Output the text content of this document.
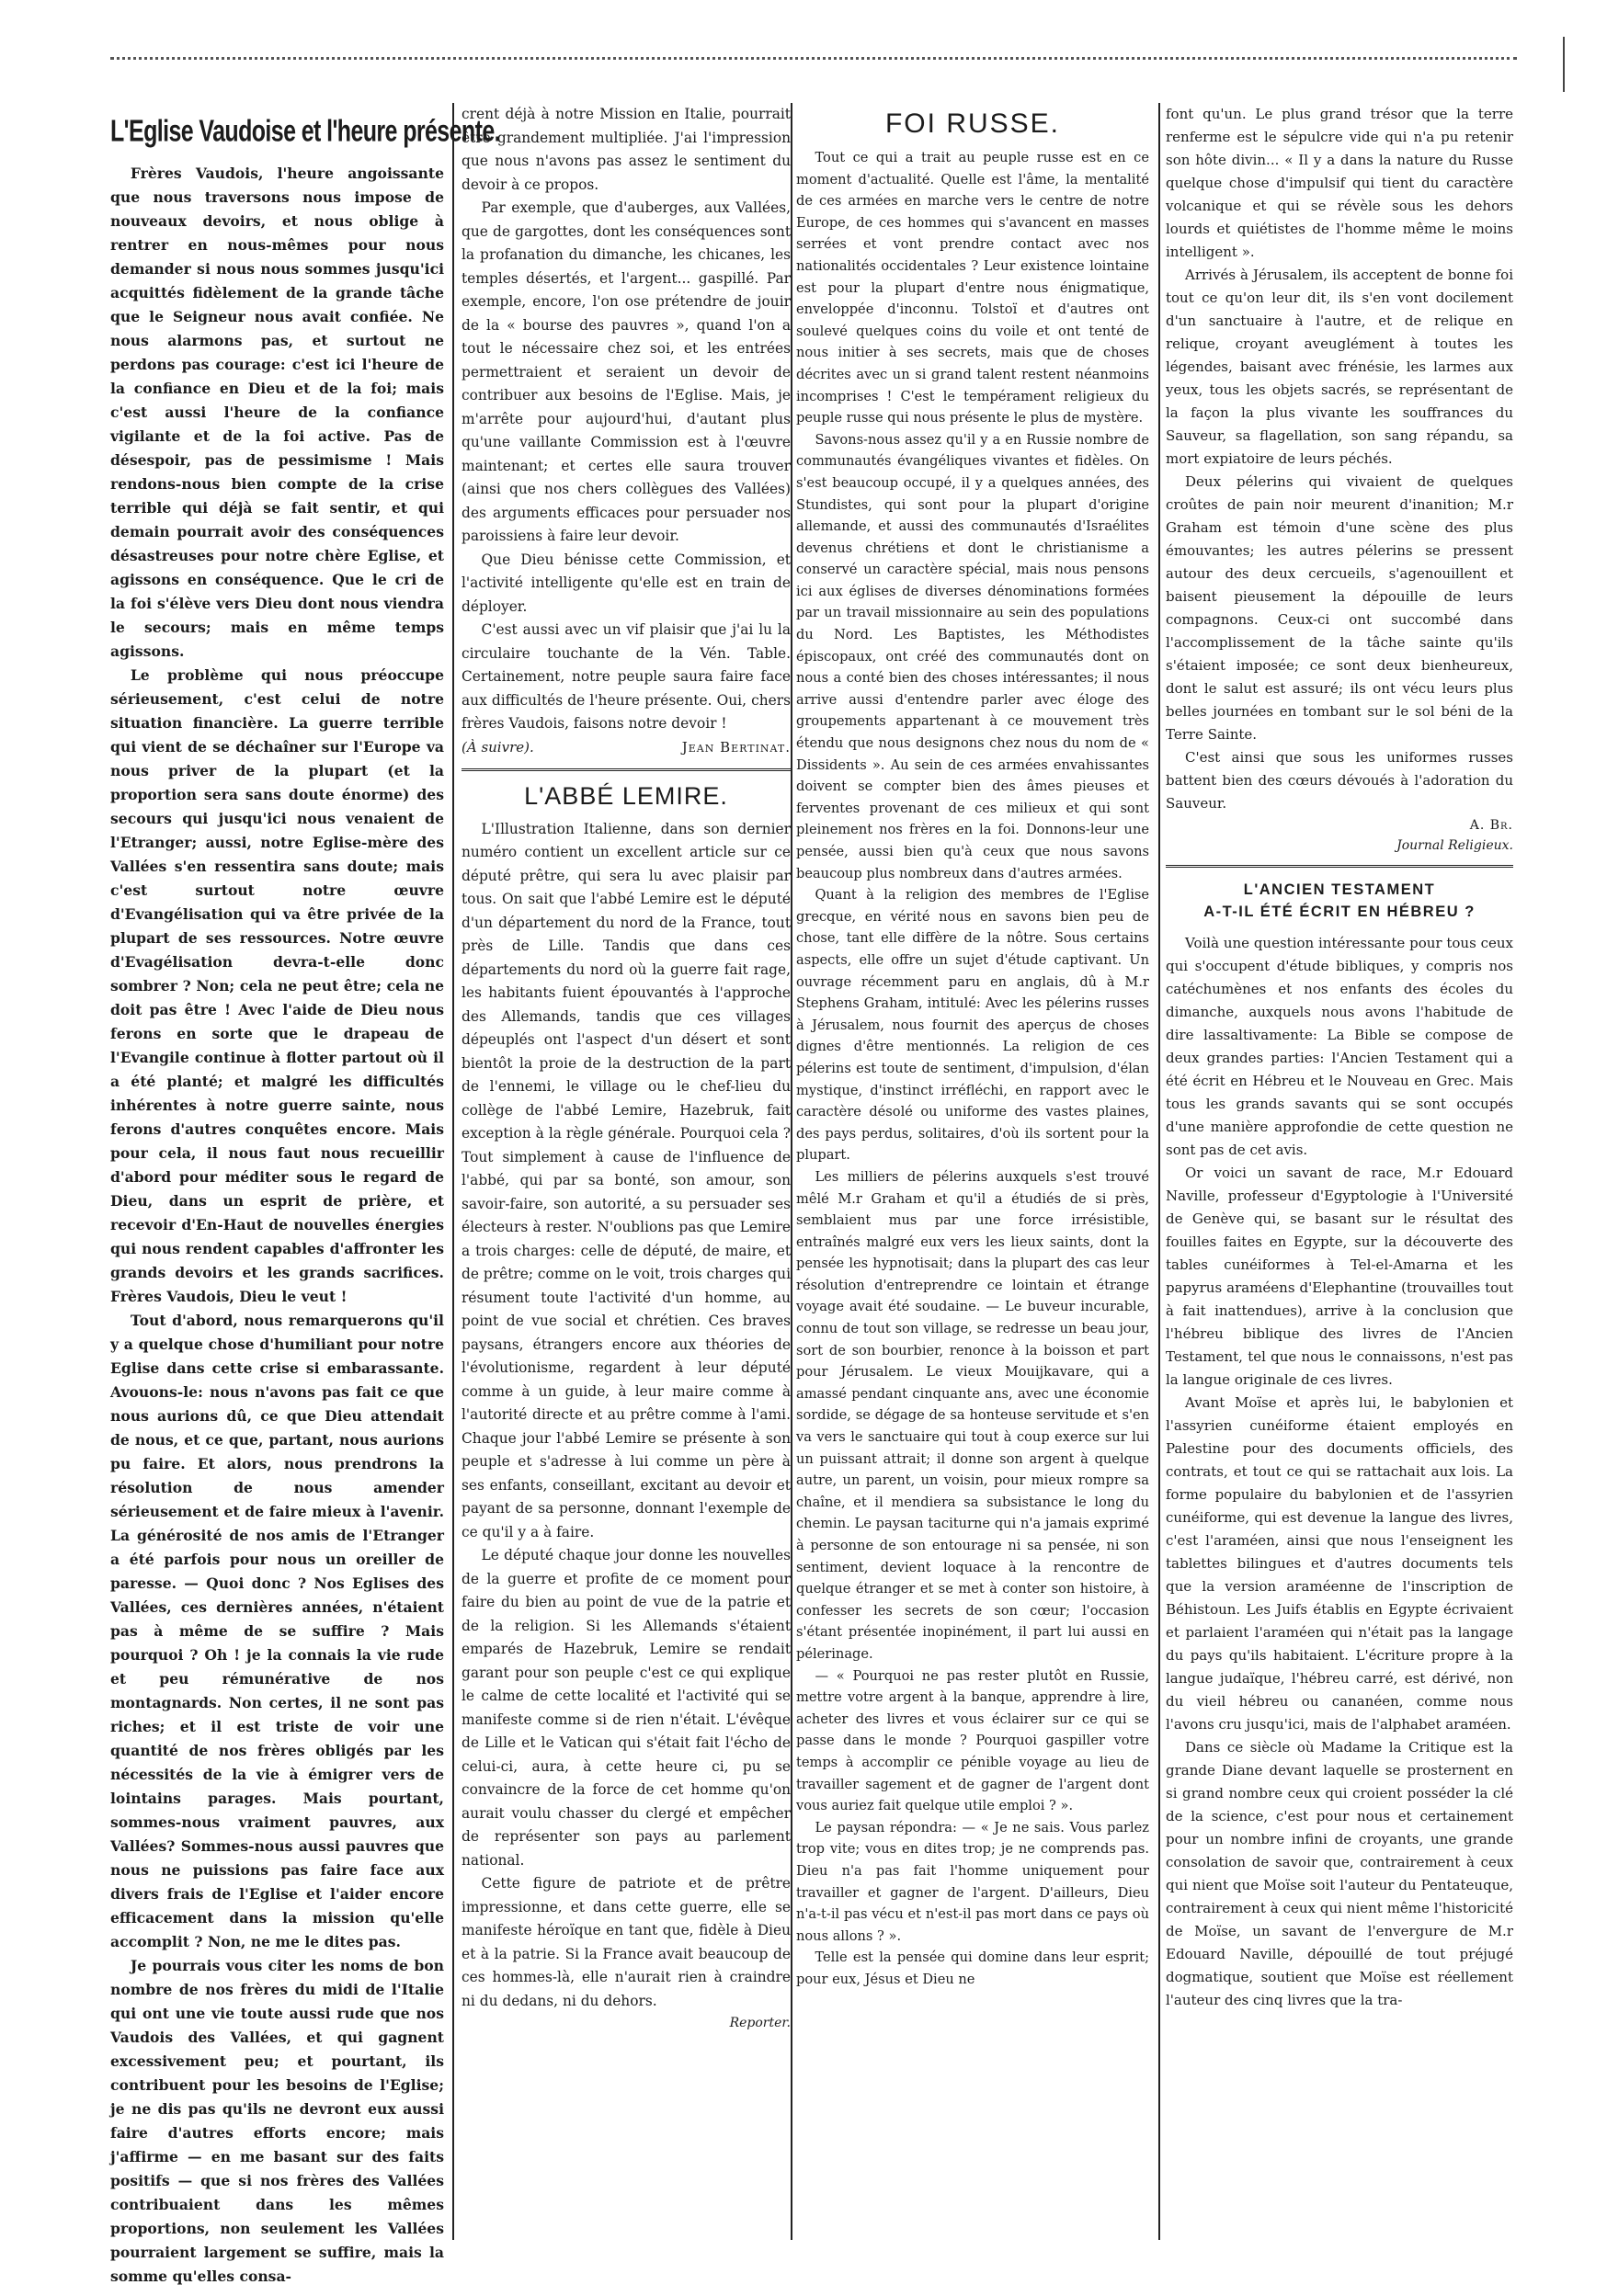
L'Eglise Vaudoise et l'heure présente.

Frères Vaudois, l'heure angoissante que nous traversons nous impose de nouveaux devoirs, et nous oblige à rentrer en nous-mêmes pour nous demander si nous nous sommes jusqu'ici acquittés fidèlement de la grande tâche que le Seigneur nous avait confiée. Ne nous alarmons pas, et surtout ne perdons pas courage: c'est ici l'heure de la confiance en Dieu et de la foi; mais c'est aussi l'heure de la confiance vigilante et de la foi active. Pas de désespoir, pas de pessimisme ! Mais rendons-nous bien compte de la crise terrible qui déjà se fait sentir, et qui demain pourrait avoir des conséquences désastreuses pour notre chère Eglise, et agissons en conséquence. Que le cri de la foi s'élève vers Dieu dont nous viendra le secours; mais en même temps agissons.

Le problème qui nous préoccupe sérieusement, c'est celui de notre situation financière. La guerre terrible qui vient de se déchaîner sur l'Europe va nous priver de la plupart (et la proportion sera sans doute énorme) des secours qui jusqu'ici nous venaient de l'Etranger; aussi, notre Eglise-mère des Vallées s'en ressentira sans doute; mais c'est surtout notre œuvre d'Evangélisation qui va être privée de la plupart de ses ressources. Notre œuvre d'Evagélisation devra-t-elle donc sombrer ? Non; cela ne peut être; cela ne doit pas être ! Avec l'aide de Dieu nous ferons en sorte que le drapeau de l'Evangile continue à flotter partout où il a été planté; et malgré les difficultés inhérentes à notre guerre sainte, nous ferons d'autres conquêtes encore. Mais pour cela, il nous faut nous recueillir d'abord pour méditer sous le regard de Dieu, dans un esprit de prière, et recevoir d'En-Haut de nouvelles énergies qui nous rendent capables d'affronter les grands devoirs et les grands sacrifices. Frères Vaudois, Dieu le veut !

Tout d'abord, nous remarquerons qu'il y a quelque chose d'humiliant pour notre Eglise dans cette crise si embarassante. Avouons-le: nous n'avons pas fait ce que nous aurions dû, ce que Dieu attendait de nous, et ce que, partant, nous aurions pu faire. Et alors, nous prendrons la résolution de nous amender sérieusement et de faire mieux à l'avenir. La générosité de nos amis de l'Etranger a été parfois pour nous un oreiller de paresse. — Quoi donc ? Nos Eglises des Vallées, ces dernières années, n'étaient pas à même de se suffire ? Mais pourquoi ? Oh ! je la connais la vie rude et peu rémunérative de nos montagnards. Non certes, il ne sont pas riches; et il est triste de voir une quantité de nos frères obligés par les nécessités de la vie à émigrer vers de lointains parages. Mais pourtant, sommes-nous vraiment pauvres, aux Vallées? Sommes-nous aussi pauvres que nous ne puissions pas faire face aux divers frais de l'Eglise et l'aider encore efficacement dans la mission qu'elle accomplit ? Non, ne me le dites pas.

Je pourrais vous citer les noms de bon nombre de nos frères du midi de l'Italie qui ont une vie toute aussi rude que nos Vaudois des Vallées, et qui gagnent excessivement peu; et pourtant, ils contribuent pour les besoins de l'Eglise; je ne dis pas qu'ils ne devront eux aussi faire d'autres efforts encore; mais j'affirme — en me basant sur des faits positifs — que si nos frères des Vallées contribuaient dans les mêmes proportions, non seulement les Vallées pourraient largement se suffire, mais la somme qu'elles consa-

crent déjà à notre Mission en Italie, pourrait être grandement multipliée. J'ai l'impression que nous n'avons pas assez le sentiment du devoir à ce propos.

Par exemple, que d'auberges, aux Vallées, que de gargottes, dont les conséquences sont la profanation du dimanche, les chicanes, les temples désertés, et l'argent... gaspillé. Par exemple, encore, l'on ose prétendre de jouir de la « bourse des pauvres », quand l'on a tout le nécessaire chez soi, et les entrées permettraient et seraient un devoir de contribuer aux besoins de l'Eglise. Mais, je m'arrête pour aujourd'hui, d'autant plus qu'une vaillante Commission est à l'œuvre maintenant; et certes elle saura trouver (ainsi que nos chers collègues des Vallées) des arguments efficaces pour persuader nos paroissiens à faire leur devoir.

Que Dieu bénisse cette Commission, et l'activité intelligente qu'elle est en train de déployer.

C'est aussi avec un vif plaisir que j'ai lu la circulaire touchante de la Vén. Table. Certainement, notre peuple saura faire face aux difficultés de l'heure présente. Oui, chers frères Vaudois, faisons notre devoir !

(À suivre).	Jean Bertinat.
L'ABBÉ LEMIRE.

L'Illustration Italienne, dans son dernier numéro contient un excellent article sur ce député prêtre, qui sera lu avec plaisir par tous. On sait que l'abbé Lemire est le député d'un département du nord de la France, tout près de Lille. Tandis que dans ces départements du nord où la guerre fait rage, les habitants fuient épouvantés à l'approche des Allemands, tandis que ces villages dépeuplés ont l'aspect d'un désert et sont bientôt la proie de la destruction de la part de l'ennemi, le village ou le chef-lieu du collège de l'abbé Lemire, Hazebruk, fait exception à la règle générale. Pourquoi cela ? Tout simplement à cause de l'influence de l'abbé, qui par sa bonté, son amour, son savoir-faire, son autorité, a su persuader ses électeurs à rester. N'oublions pas que Lemire a trois charges: celle de député, de maire, et de prêtre; comme on le voit, trois charges qui résument toute l'activité d'un homme, au point de vue social et chrétien. Ces braves paysans, étrangers encore aux théories de l'évolutionisme, regardent à leur député comme à un guide, à leur maire comme à l'autorité directe et au prêtre comme à l'ami. Chaque jour l'abbé Lemire se présente à son peuple et s'adresse à lui comme un père à ses enfants, conseillant, excitant au devoir et payant de sa personne, donnant l'exemple de ce qu'il y a à faire.

Le député chaque jour donne les nouvelles de la guerre et profite de ce moment pour faire du bien au point de vue de la patrie et de la religion. Si les Allemands s'étaient emparés de Hazebruk, Lemire se rendait garant pour son peuple c'est ce qui explique le calme de cette localité et l'activité qui se manifeste comme si de rien n'était. L'évêque de Lille et le Vatican qui s'était fait l'écho de celui-ci, aura, à cette heure ci, pu se convaincre de la force de cet homme qu'on aurait voulu chasser du clergé et empêcher de représenter son pays au parlement national.

Cette figure de patriote et de prêtre impressionne, et dans cette guerre, elle se manifeste héroïque en tant que, fidèle à Dieu et à la patrie. Si la France avait beaucoup de ces hommes-là, elle n'aurait rien à craindre ni du dedans, ni du dehors.

Reporter.
FOI RUSSE.

Tout ce qui a trait au peuple russe est en ce moment d'actualité. Quelle est l'âme, la mentalité de ces armées en marche vers le centre de notre Europe, de ces hommes qui s'avancent en masses serrées et vont prendre contact avec nos nationalités occidentales ? Leur existence lointaine est pour la plupart d'entre nous énigmatique, enveloppée d'inconnu. Tolstoï et d'autres ont soulevé quelques coins du voile et ont tenté de nous initier à ses secrets, mais que de choses décrites avec un si grand talent restent néanmoins incomprises ! C'est le tempérament religieux du peuple russe qui nous présente le plus de mystère.

Savons-nous assez qu'il y a en Russie nombre de communautés évangéliques vivantes et fidèles. On s'est beaucoup occupé, il y a quelques années, des Stundistes, qui sont pour la plupart d'origine allemande, et aussi des communautés d'Israélites devenus chrétiens et dont le christianisme a conservé un caractère spécial, mais nous pensons ici aux églises de diverses dénominations formées par un travail missionnaire au sein des populations du Nord. Les Baptistes, les Méthodistes épiscopaux, ont créé des communautés dont on nous a conté bien des choses intéressantes; il nous arrive aussi d'entendre parler avec éloge des groupements appartenant à ce mouvement très étendu que nous designons chez nous du nom de « Dissidents ». Au sein de ces armées envahissantes doivent se compter bien des âmes pieuses et ferventes provenant de ces milieux et qui sont pleinement nos frères en la foi. Donnons-leur une pensée, aussi bien qu'à ceux que nous savons beaucoup plus nombreux dans d'autres armées.

Quant à la religion des membres de l'Eglise grecque, en vérité nous en savons bien peu de chose, tant elle diffère de la nôtre. Sous certains aspects, elle offre un sujet d'étude captivant. Un ouvrage récemment paru en anglais, dû à M.r Stephens Graham, intitulé: Avec les pélerins russes à Jérusalem, nous fournit des aperçus de choses dignes d'être mentionnés. La religion de ces pélerins est toute de sentiment, d'impulsion, d'élan mystique, d'instinct irréfléchi, en rapport avec le caractère désolé ou uniforme des vastes plaines, des pays perdus, solitaires, d'où ils sortent pour la plupart.

Les milliers de pélerins auxquels s'est trouvé mêlé M.r Graham et qu'il a étudiés de si près, semblaient mus par une force irrésistible, entraînés malgré eux vers les lieux saints, dont la pensée les hypnotisait; dans la plupart des cas leur résolution d'entreprendre ce lointain et étrange voyage avait été soudaine. — Le buveur incurable, connu de tout son village, se redresse un beau jour, sort de son bourbier, renonce à la boisson et part pour Jérusalem. Le vieux Mouijkavare, qui a amassé pendant cinquante ans, avec une économie sordide, se dégage de sa honteuse servitude et s'en va vers le sanctuaire qui tout à coup exerce sur lui un puissant attrait; il donne son argent à quelque autre, un parent, un voisin, pour mieux rompre sa chaîne, et il mendiera sa subsistance le long du chemin. Le paysan taciturne qui n'a jamais exprimé à personne de son entourage ni sa pensée, ni son sentiment, devient loquace à la rencontre de quelque étranger et se met à conter son histoire, à confesser les secrets de son cœur; l'occasion s'étant présentée inopinément, il part lui aussi en pélerinage.

— « Pourquoi ne pas rester plutôt en Russie, mettre votre argent à la banque, apprendre à lire, acheter des livres et vous éclairer sur ce qui se passe dans le monde ? Pourquoi gaspiller votre temps à accomplir ce pénible voyage au lieu de travailler sagement et de gagner de l'argent dont vous auriez fait quelque utile emploi ? ».

Le paysan répondra: — « Je ne sais. Vous parlez trop vite; vous en dites trop; je ne comprends pas. Dieu n'a pas fait l'homme uniquement pour travailler et gagner de l'argent. D'ailleurs, Dieu n'a-t-il pas vécu et n'est-il pas mort dans ce pays où nous allons ? ».

Telle est la pensée qui domine dans leur esprit; pour eux, Jésus et Dieu ne

font qu'un. Le plus grand trésor que la terre renferme est le sépulcre vide qui n'a pu retenir son hôte divin... « Il y a dans la nature du Russe quelque chose d'impulsif qui tient du caractère volcanique et qui se révèle sous les dehors lourds et quiétistes de l'homme même le moins intelligent ».

Arrivés à Jérusalem, ils acceptent de bonne foi tout ce qu'on leur dit, ils s'en vont docilement d'un sanctuaire à l'autre, et de relique en relique, croyant aveuglément à toutes les légendes, baisant avec frénésie, les larmes aux yeux, tous les objets sacrés, se représentant de la façon la plus vivante les souffrances du Sauveur, sa flagellation, son sang répandu, sa mort expiatoire de leurs péchés.

Deux pélerins qui vivaient de quelques croûtes de pain noir meurent d'inanition; M.r Graham est témoin d'une scène des plus émouvantes; les autres pélerins se pressent autour des deux cercueils, s'agenouillent et baisent pieusement la dépouille de leurs compagnons. Ceux-ci ont succombé dans l'accomplissement de la tâche sainte qu'ils s'étaient imposée; ce sont deux bienheureux, dont le salut est assuré; ils ont vécu leurs plus belles journées en tombant sur le sol béni de la Terre Sainte.

C'est ainsi que sous les uniformes russes battent bien des cœurs dévoués à l'adoration du Sauveur.

A. Br.
Journal Religieux.
L'ANCIEN TESTAMENT
A-T-IL ÉTÉ ÉCRIT EN HÉBREU ?

Voilà une question intéressante pour tous ceux qui s'occupent d'étude bibliques, y compris nos catéchumènes et nos enfants des écoles du dimanche, auxquels nous avons l'habitude de dire lassaltivamente: La Bible se compose de deux grandes parties: l'Ancien Testament qui a été écrit en Hébreu et le Nouveau en Grec. Mais tous les grands savants qui se sont occupés d'une manière approfondie de cette question ne sont pas de cet avis.

Or voici un savant de race, M.r Edouard Naville, professeur d'Egyptologie à l'Université de Genève qui, se basant sur le résultat des fouilles faites en Egypte, sur la découverte des tables cunéiformes à Tel-el-Amarna et les papyrus araméens d'Elephantine (trouvailles tout à fait inattendues), arrive à la conclusion que l'hébreu biblique des livres de l'Ancien Testament, tel que nous le connaissons, n'est pas la langue originale de ces livres.

Avant Moïse et après lui, le babylonien et l'assyrien cunéiforme étaient employés en Palestine pour des documents officiels, des contrats, et tout ce qui se rattachait aux lois. La forme populaire du babylonien et de l'assyrien cunéiforme, qui est devenue la langue des livres, c'est l'araméen, ainsi que nous l'enseignent les tablettes bilingues et d'autres documents tels que la version araméenne de l'inscription de Béhistoun. Les Juifs établis en Egypte écrivaient et parlaient l'araméen qui n'était pas la langage du pays qu'ils habitaient. L'écriture propre à la langue judaïque, l'hébreu carré, est dérivé, non du vieil hébreu ou cananéen, comme nous l'avons cru jusqu'ici, mais de l'alphabet araméen.

Dans ce siècle où Madame la Critique est la grande Diane devant laquelle se prosternent en si grand nombre ceux qui croient posséder la clé de la science, c'est pour nous et certainement pour un nombre infini de croyants, une grande consolation de savoir que, contrairement à ceux qui nient que Moïse soit l'auteur du Pentateuque, contrairement à ceux qui nient même l'historicité de Moïse, un savant de l'envergure de M.r Edouard Naville, dépouillé de tout préjugé dogmatique, soutient que Moïse est réellement l'auteur des cinq livres que la tra-
